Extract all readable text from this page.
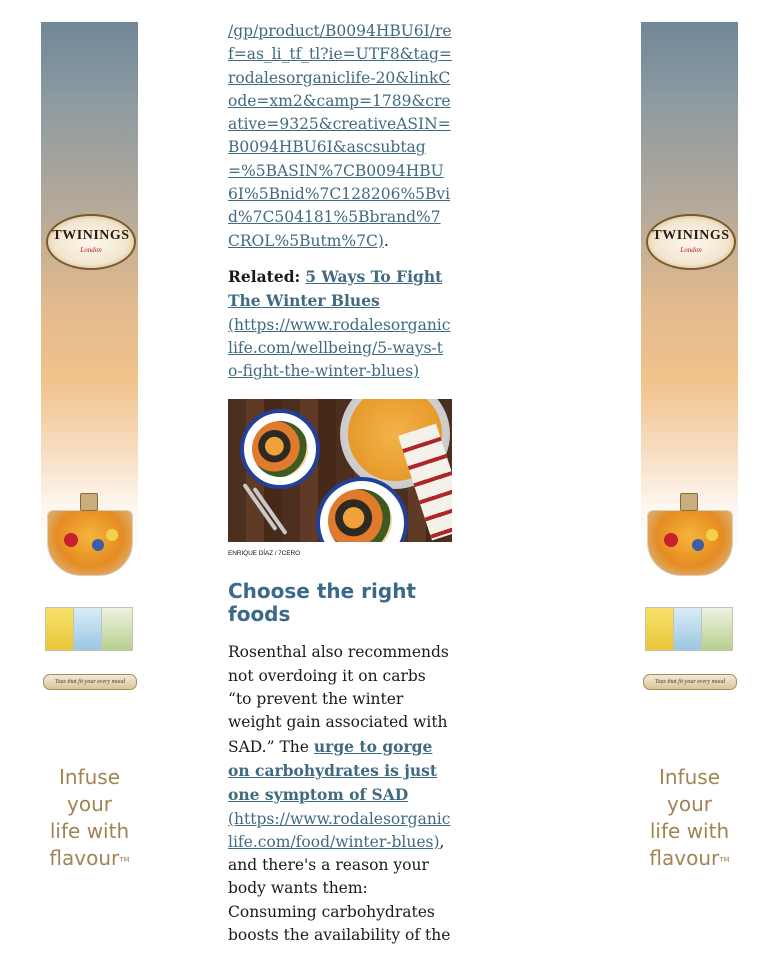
TWININGS
London
Teas that fit your every mood
Infuse
your
life with
flavour™
TWININGS
London
Teas that fit your every mood
Infuse
your
life with
flavour™
/gp/product/B0094HBU6I/ref=as_li_tf_tl?ie=UTF8&tag=rodalesorganiclife-20&linkCode=xm2&camp=1789&creative=9325&creativeASIN=B0094HBU6I&ascsubtag=%5BASIN%7CB0094HBU6I%5Bnid%7C128206%5Bvid%7C504181%5Bbrand%7CROL%5Butm%7C).
Related: 5 Ways To Fight The Winter Blues
(https://www.rodalesorganiclife.com/wellbeing/5-ways-to-fight-the-winter-blues)
ENRIQUE DÍAZ / 7CERO
Choose the right foods
Rosenthal also recommends not overdoing it on carbs “to prevent the winter weight gain associated with SAD.” The urge to gorge on carbohydrates is just one symptom of SAD
(https://www.rodalesorganiclife.com/food/winter-blues), and there's a reason your body wants them: Consuming carbohydrates boosts the availability of the
